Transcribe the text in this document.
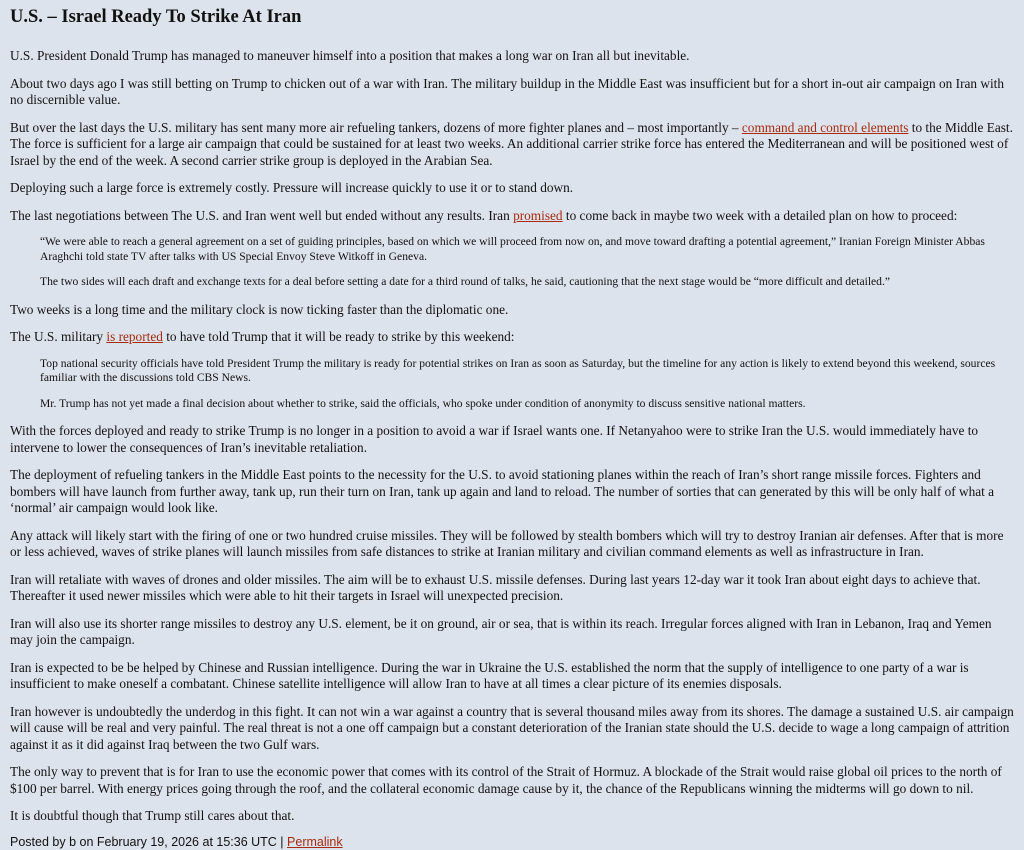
U.S. – Israel Ready To Strike At Iran

U.S. President Donald Trump has managed to maneuver himself into a position that makes a long war on Iran all but inevitable.

About two days ago I was still betting on Trump to chicken out of a war with Iran. The military buildup in the Middle East was insufficient but for a short in-out air campaign on Iran with no discernible value.

But over the last days the U.S. military has sent many more air refueling tankers, dozens of more fighter planes and – most importantly – command and control elements to the Middle East. The force is sufficient for a large air campaign that could be sustained for at least two weeks. An additional carrier strike force has entered the Mediterranean and will be positioned west of Israel by the end of the week. A second carrier strike group is deployed in the Arabian Sea.

Deploying such a large force is extremely costly. Pressure will increase quickly to use it or to stand down.

The last negotiations between The U.S. and Iran went well but ended without any results. Iran promised to come back in maybe two week with a detailed plan on how to proceed:

“We were able to reach a general agreement on a set of guiding principles, based on which we will proceed from now on, and move toward drafting a potential agreement,” Iranian Foreign Minister Abbas Araghchi told state TV after talks with US Special Envoy Steve Witkoff in Geneva.

The two sides will each draft and exchange texts for a deal before setting a date for a third round of talks, he said, cautioning that the next stage would be “more difficult and detailed.”

Two weeks is a long time and the military clock is now ticking faster than the diplomatic one.

The U.S. military is reported to have told Trump that it will be ready to strike by this weekend:

Top national security officials have told President Trump the military is ready for potential strikes on Iran as soon as Saturday, but the timeline for any action is likely to extend beyond this weekend, sources familiar with the discussions told CBS News.

Mr. Trump has not yet made a final decision about whether to strike, said the officials, who spoke under condition of anonymity to discuss sensitive national matters.

With the forces deployed and ready to strike Trump is no longer in a position to avoid a war if Israel wants one. If Netanyahoo were to strike Iran the U.S. would immediately have to intervene to lower the consequences of Iran’s inevitable retaliation.

The deployment of refueling tankers in the Middle East points to the necessity for the U.S. to avoid stationing planes within the reach of Iran’s short range missile forces. Fighters and bombers will have launch from further away, tank up, run their turn on Iran, tank up again and land to reload. The number of sorties that can generated by this will be only half of what a ‘normal’ air campaign would look like.

Any attack will likely start with the firing of one or two hundred cruise missiles. They will be followed by stealth bombers which will try to destroy Iranian air defenses. After that is more or less achieved, waves of strike planes will launch missiles from safe distances to strike at Iranian military and civilian command elements as well as infrastructure in Iran.

Iran will retaliate with waves of drones and older missiles. The aim will be to exhaust U.S. missile defenses. During last years 12-day war it took Iran about eight days to achieve that. Thereafter it used newer missiles which were able to hit their targets in Israel will unexpected precision.

Iran will also use its shorter range missiles to destroy any U.S. element, be it on ground, air or sea, that is within its reach. Irregular forces aligned with Iran in Lebanon, Iraq and Yemen may join the campaign.

Iran is expected to be be helped by Chinese and Russian intelligence. During the war in Ukraine the U.S. established the norm that the supply of intelligence to one party of a war is insufficient to make oneself a combatant. Chinese satellite intelligence will allow Iran to have at all times a clear picture of its enemies disposals.

Iran however is undoubtedly the underdog in this fight. It can not win a war against a country that is several thousand miles away from its shores. The damage a sustained U.S. air campaign will cause will be real and very painful. The real threat is not a one off campaign but a constant deterioration of the Iranian state should the U.S. decide to wage a long campaign of attrition against it as it did against Iraq between the two Gulf wars.

The only way to prevent that is for Iran to use the economic power that comes with its control of the Strait of Hormuz. A blockade of the Strait would raise global oil prices to the north of $100 per barrel. With energy prices going through the roof, and the collateral economic damage cause by it, the chance of the Republicans winning the midterms will go down to nil.

It is doubtful though that Trump still cares about that.

Posted by b on February 19, 2026 at 15:36 UTC | Permalink
